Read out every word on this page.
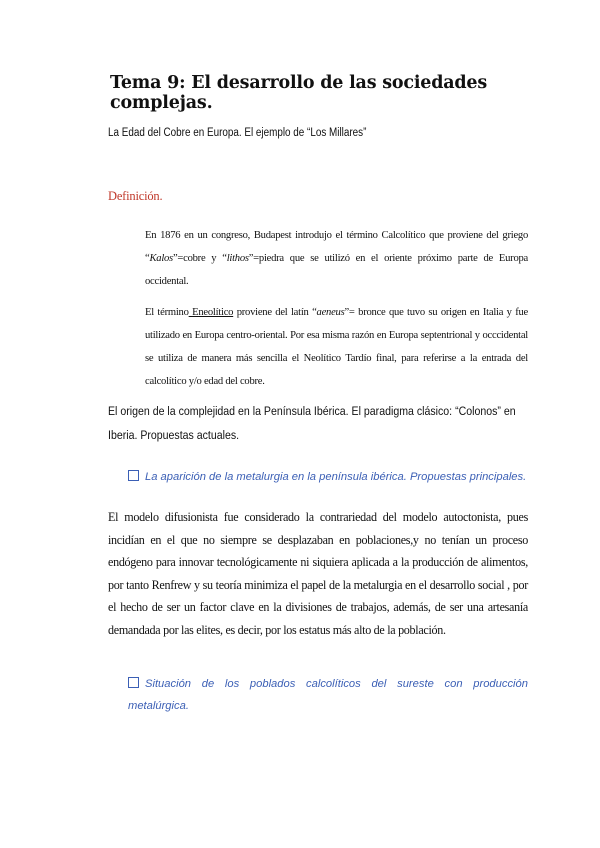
Tema 9: El desarrollo de las sociedades complejas.
La Edad del Cobre en Europa. El ejemplo de “Los Millares”
Definición.
En 1876 en un congreso, Budapest introdujo el término Calcolítico que proviene del griego “Kalos”=cobre y “lithos”=piedra que se utilizó en el oriente próximo parte de Europa occidental.
El término Eneolítico proviene del latín “aeneus”= bronce que tuvo su origen en Italia y fue utilizado en Europa centro-oriental. Por esa misma razón en Europa septentrional y occcidental se utiliza de manera más sencilla el Neolítico Tardío final, para referirse a la entrada del calcolítico y/o edad del cobre.
El origen de la complejidad en la Península Ibérica. El paradigma clásico: “Colonos” en Iberia. Propuestas actuales.
La aparición de la metalurgia en la península ibérica. Propuestas principales.
El modelo difusionista fue considerado la contrariedad del modelo autoctonista, pues incidían en el que no siempre se desplazaban en poblaciones,y no tenían un proceso endógeno para innovar tecnológicamente ni siquiera aplicada a la producción de alimentos, por tanto Renfrew y su teoría minimiza el papel de la metalurgia en el desarrollo social , por el hecho de ser un factor clave en la divisiones de trabajos, además, de ser una artesanía demandada por las elites, es decir, por los estatus más alto de la población.
Situación de los poblados calcolíticos del sureste con producción metalúrgica.
